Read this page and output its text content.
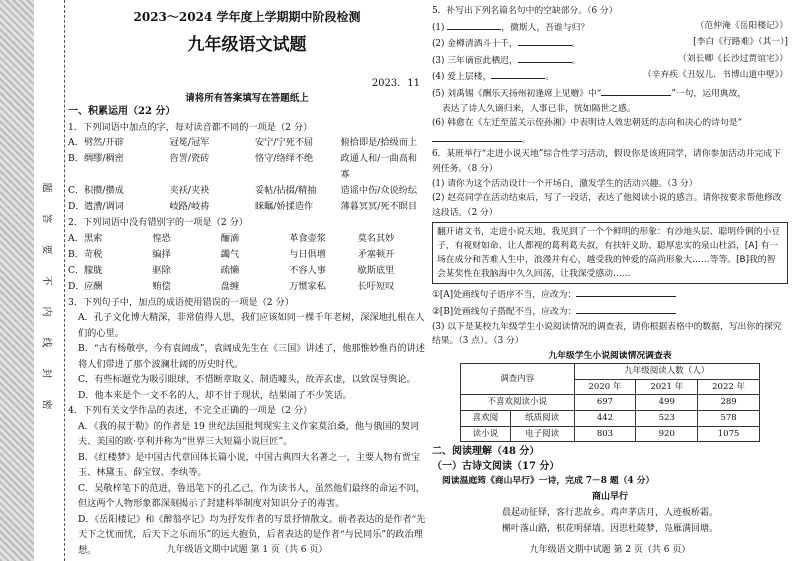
题
答
要
不
内
线
封
密
2023～2024 学年度上学期期中阶段检测
九年级语文试题
2023．11
请将所有答案填写在答题纸上
一、积累运用（22 分）
1．下列词语中加点的字，每对读音都不同的一项是（2 分）
A． 劈然/开辟	冠冕/冠军	安宁/宁死不屈	俯拾即是/拾级而上
B． 绸缪/稠密	咨詈/瓷砖	恪守/络绎不绝	政通人和/一曲高和寡
C． 积攒/攒成	夹袄/夹袂	妥帖/拈掇/精抽	造谣中伤/众说纷纭
D． 遣漕/调词	岐路/岐祷	睐瞩/娇揉造作	薄暮冥冥/死不瞑目
2．下列词语中没有错别字的一项是（2 分）
A． 黑索	惶恐	酾滴	革食壶浆	莫名其妙
B． 苛税	编择	蠲气	与日俱增	矛塞顿开
C． 朦胧	驱除	疏懒	不容人事	歇斯底里
D． 应酬	贿偿	盘缠	万惯家私	长吁短叹
3．下列句子中，加点的成语使用错误的一项是（2 分）
A．孔子文化博大精深，非常值得人思，我们应该如同一棵千年老树，深深地扎根在人们的心里。
B．“古有杨敬亭，今有袁阔成”，袁阔成先生在《三国》讲述了，他那惟妙惟肖的讲述将人们带进了那个波澜壮阔的历史时代。
C．有些标题党为吸引眼球，不惜断章取义、制造噱头，故弄玄虚，以致误导舆论。
D．他本来是个一文不名的人，却不甘于现状，结果闹了不少笑话。
4．下列有关文学作品的表述，不完全正确的一项是（2 分）
A．《我的叔于勒》的作者是 19 世纪法国批判现实主义作家莫泊桑，他与俄国的契诃夫、美国的欧·亨利并称为“世界三大短篇小说巨匠”。
B．《红楼梦》是中国古代章回体长篇小说，中国古典四大名著之一，主要人物有贾宝玉、林黛玉、薛宝钗、李纨等。
C．吴敬梓笔下的范进，鲁迅笔下的孔乙己，作为读书人，虽然他们最终的命运不同，但这两个人物形象都深刻揭示了封建科举制度对知识分子的毒害。
D．《岳阳楼记》和《醉翁亭记》均为抒发作者的写景抒情散文。前者表达的是作者“先天下之忧而忧，后天下之乐而乐”的远大抱负，后者表达的是作者“与民同乐”的政治理想。	九年级语文期中试题 第 1 页（共 6 页）
5．补写出下列名篇名句中的空缺部分。（6 分）
(1)	，微斯人，吾谁与归？	（范仲淹《岳阳楼记》）
(2) 金樽清酒斗十千，	。	[李白《行路难》（其一）]
(3) 三年谪宦此栖迟，	。	（刘长卿《长沙过贾谊宅》）
(4) 爱上层楼，	。	（辛弃疾《丑奴儿．书博山道中壁》）
(5) 刘禹锡《酬乐天扬州初逢席上见赠》中“	”一句，运用典故，
表达了诗人久谪归来，人事已非，恍如隔世之感。
(6) 韩愈在《左迁至蓝关示侄孙湘》中表明诗人效忠朝廷的志向和决心的诗句是“。
6．某班举行“走进小说天地”综合性学习活动，假设你是该班同学，请你参加活动并完成下列任务。（8 分）
(1) 请你为这个活动设计一个开场白，激发学生的活动兴趣。（3 分）
(2) 赵亮同学在活动结束后，写了一段话，表达了他阅读小说的感言。请你按要求帮他修改这段话。（2 分）
翻开诸文书，走进小说天地，我见到了一个个鲜明的形象：有沙地头层、聪明伶俐的小豆子，有视财如命、让人都视的葛利葛夫叔，有扶轩义助、聪厚忠实的泉山杜滔，[A] 有一场在成分和苦难人生中，浪漫并有心，越受我的钟爱的高尚形象大……等等。[B]我的智会某奖性在我脑海中久久回荡，让我深受感动……
①[A]处画线句子语序不当，应改为：
②[B]处画线句子搭配不当，应改为：
(3) 以下是某校九年级学生小说阅读情况的调查表，请你根据表格中的数据，写出你的探究结果。（3 点）。（3 分）
九年级学生小说阅读情况调查表
调查内容		九年级阅读人数（人）		
		2020 年	2021 年	2022 年
不喜欢阅读小说		697	499	289
喜欢阅	纸质阅读	442	523	578
读小说	电子阅读	803	920	1075
二、阅读理解（48 分）
（一）古诗文阅读（17 分）
阅读温庭筠《商山早行》一诗，完成 7－8 题（4 分）
商山早行
晨起动征铎，客行悲故乡。鸡声茅店月，人迹板桥霜。
槲叶落山路，枳花明驿墙。因思杜陵梦，凫雁满回塘。
九年级语文期中试题 第 2 页（共 6 页）
